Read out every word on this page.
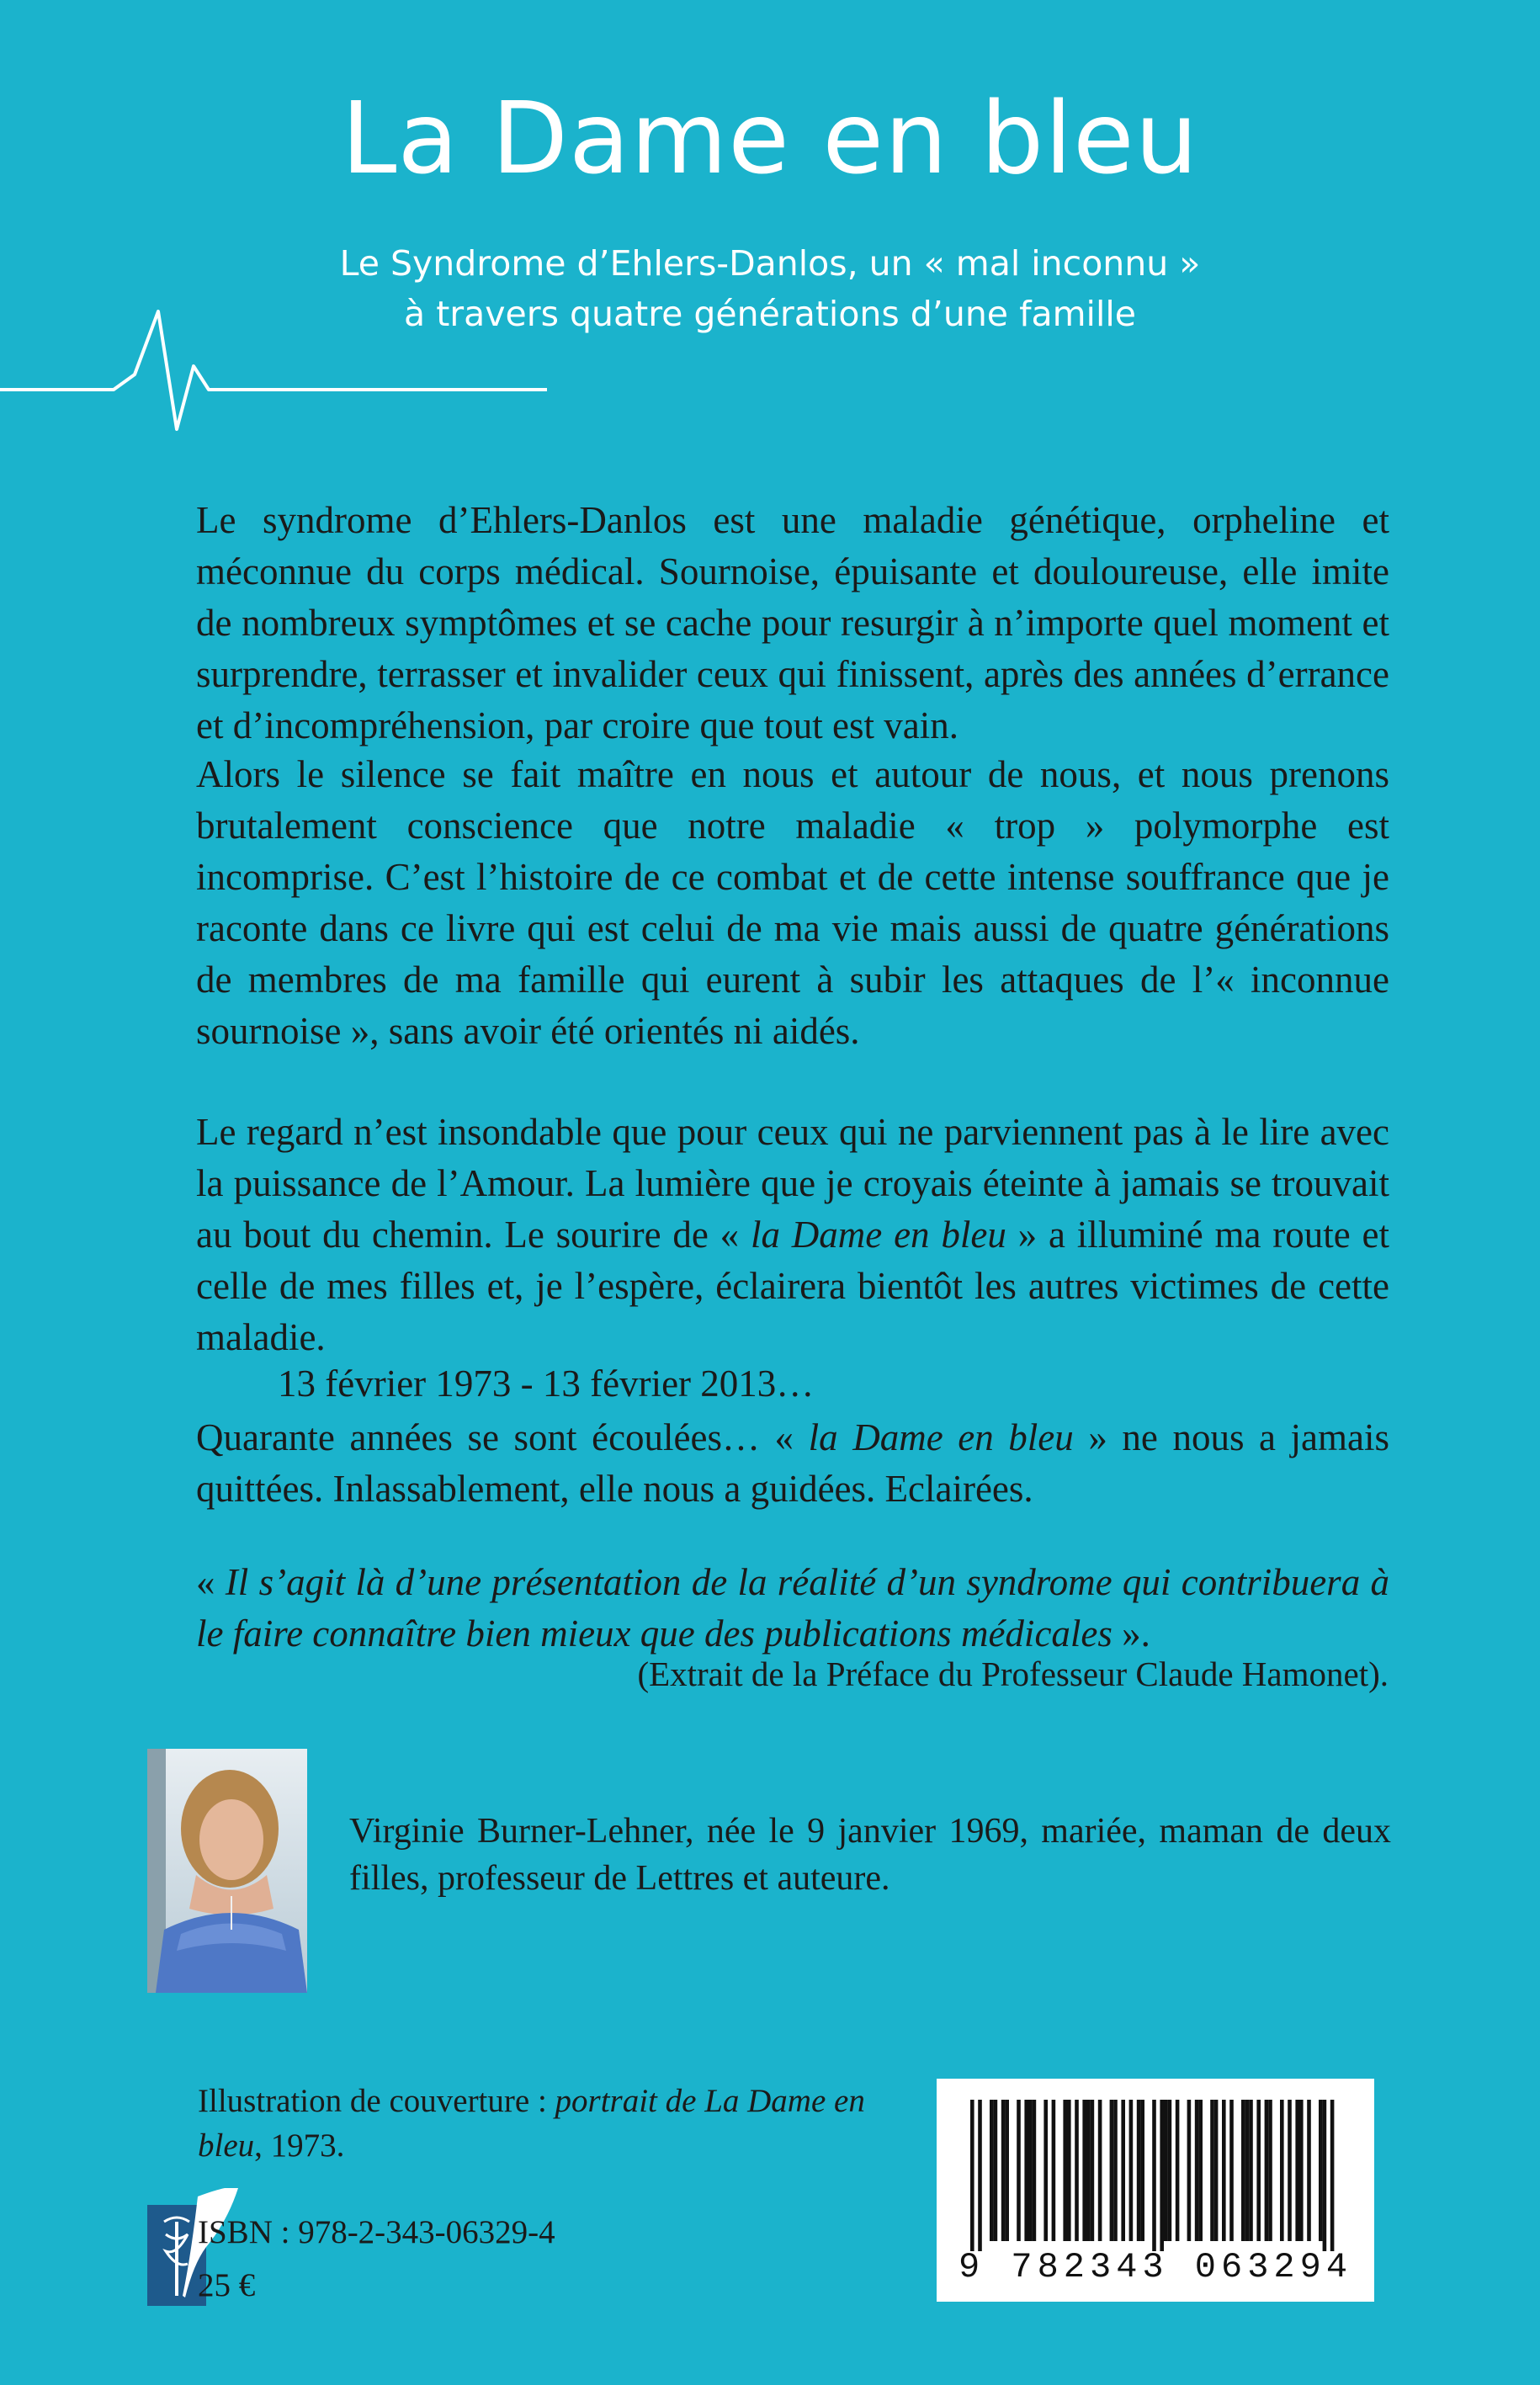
La Dame en bleu
Le Syndrome d’Ehlers-Danlos, un « mal inconnu »
à travers quatre générations d’une famille

Le syndrome d’Ehlers-Danlos est une maladie génétique, orpheline et méconnue du corps médical. Sournoise, épuisante et douloureuse, elle imite de nombreux symptômes et se cache pour resurgir à n’importe quel moment et surprendre, terrasser et invalider ceux qui finissent, après des années d’errance et d’incompréhension, par croire que tout est vain.

Alors le silence se fait maître en nous et autour de nous, et nous prenons brutalement conscience que notre maladie « trop » polymorphe est incomprise. C’est l’histoire de ce combat et de cette intense souffrance que je raconte dans ce livre qui est celui de ma vie mais aussi de quatre générations de membres de ma famille qui eurent à subir les attaques de l’« inconnue sournoise », sans avoir été orientés ni aidés.

Le regard n’est insondable que pour ceux qui ne parviennent pas à le lire avec la puissance de l’Amour. La lumière que je croyais éteinte à jamais se trouvait au bout du chemin. Le sourire de « la Dame en bleu » a illuminé ma route et celle de mes filles et, je l’espère, éclairera bientôt les autres victimes de cette maladie.

13 février 1973 - 13 février 2013…

Quarante années se sont écoulées… « la Dame en bleu » ne nous a jamais quittées. Inlassablement, elle nous a guidées. Eclairées.

« Il s’agit là d’une présentation de la réalité d’un syndrome qui contribuera à le faire connaître bien mieux que des publications médicales ».
(Extrait de la Préface du Professeur Claude Hamonet).
Virginie Burner-Lehner, née le 9 janvier 1969, mariée, maman de deux filles, professeur de Lettres et auteure.
Illustration de couverture : portrait de La Dame en bleu, 1973.
ISBN : 978-2-343-06329-4
25 €	9 782343 063294
